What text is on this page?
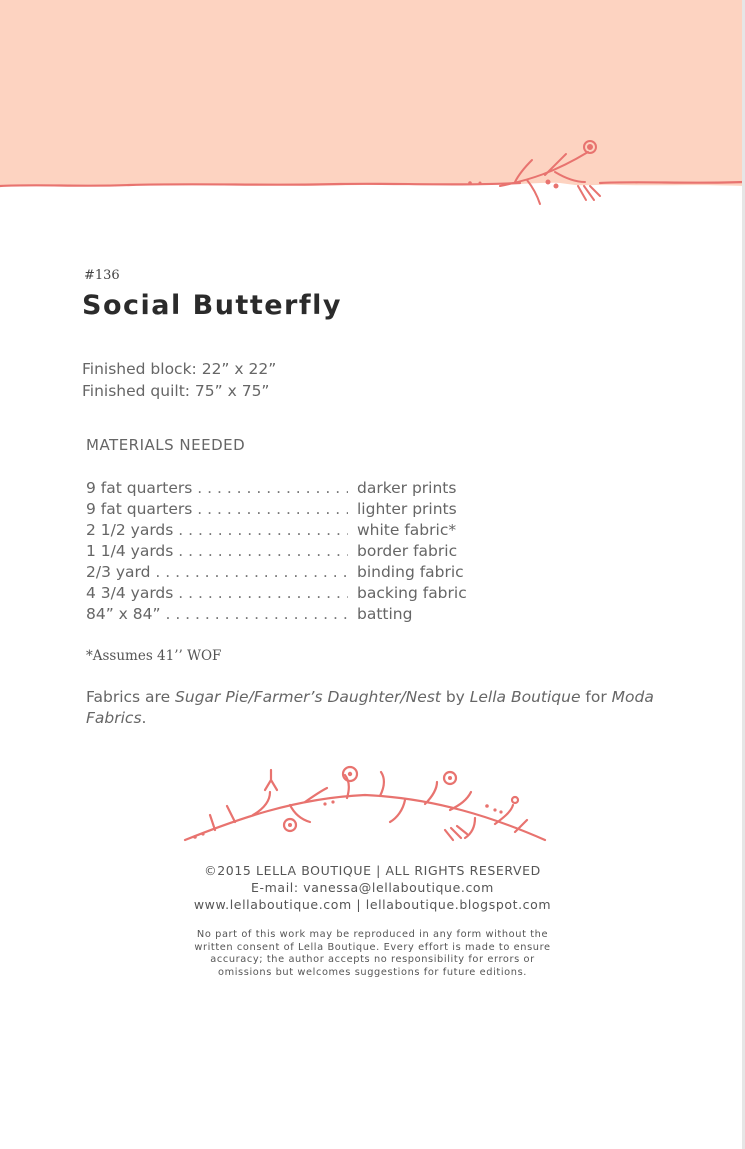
#136
Social Butterfly
Finished block: 22” x 22”
Finished quilt: 75” x 75”
MATERIALS NEEDED
9 fat quarters . . .	darker prints
9 fat quarters . . .	lighter prints
2 1/2 yards . . .	white fabric*
1 1/4 yards . . .	border fabric
2/3 yard . . .	binding fabric
4 3/4 yards . . .	backing fabric
84” x 84” . . .	batting
*Assumes 41’’ WOF

Fabrics are Sugar Pie/Farmer’s Daughter/Nest by Lella Boutique for Moda Fabrics.

©2015 LELLA BOUTIQUE | ALL RIGHTS RESERVED
E-mail: vanessa@lellaboutique.com
www.lellaboutique.com | lellaboutique.blogspot.com
No part of this work may be reproduced in any form without the
written consent of Lella Boutique. Every effort is made to ensure
accuracy; the author accepts no responsibility for errors or
omissions but welcomes suggestions for future editions.
